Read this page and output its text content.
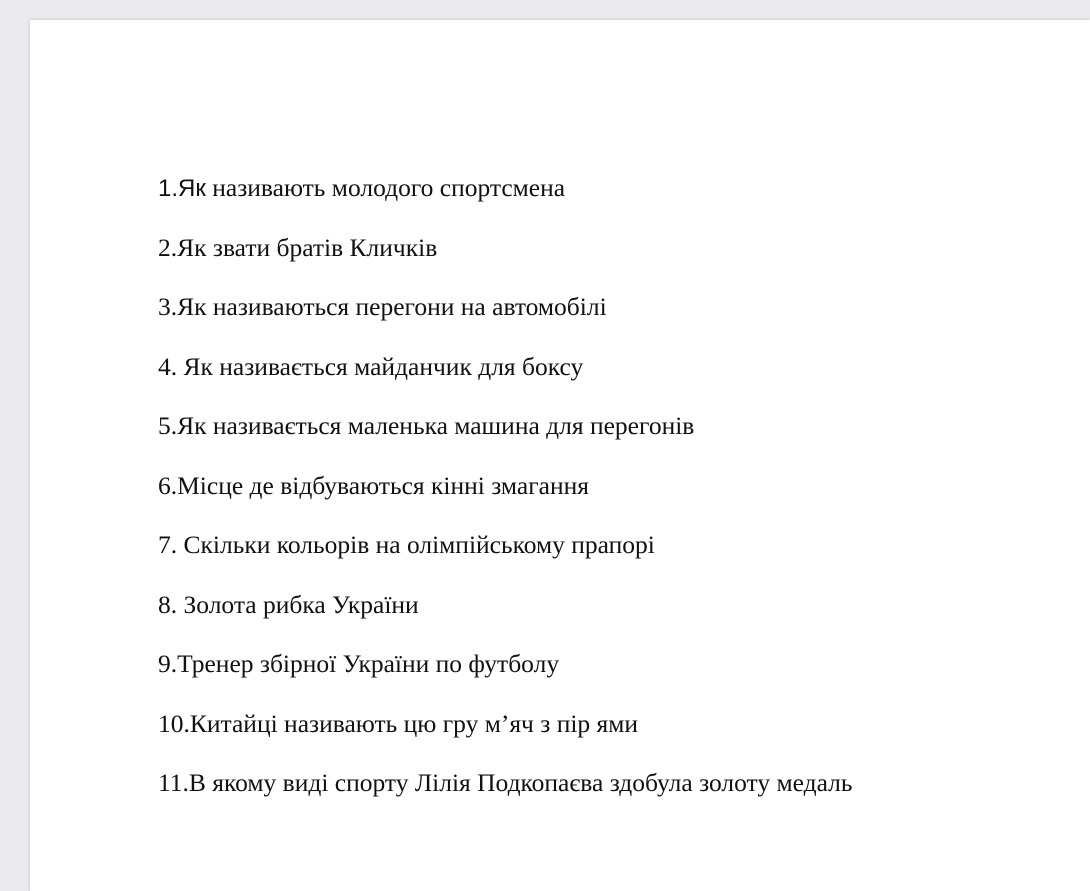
1.Як називають молодого спортсмена
2.Як звати братів Кличків
3.Як називаються перегони на автомобілі
4. Як називається майданчик для боксу
5.Як називається маленька машина для перегонів
6.Місце де відбуваються кінні змагання
7. Скільки кольорів на олімпійському прапорі
8. Золота рибка України
9.Тренер збірної України по футболу
10.Китайці називають цю гру м’яч з пір ями
11.В якому виді спорту Лілія Подкопаєва здобула золоту медаль
